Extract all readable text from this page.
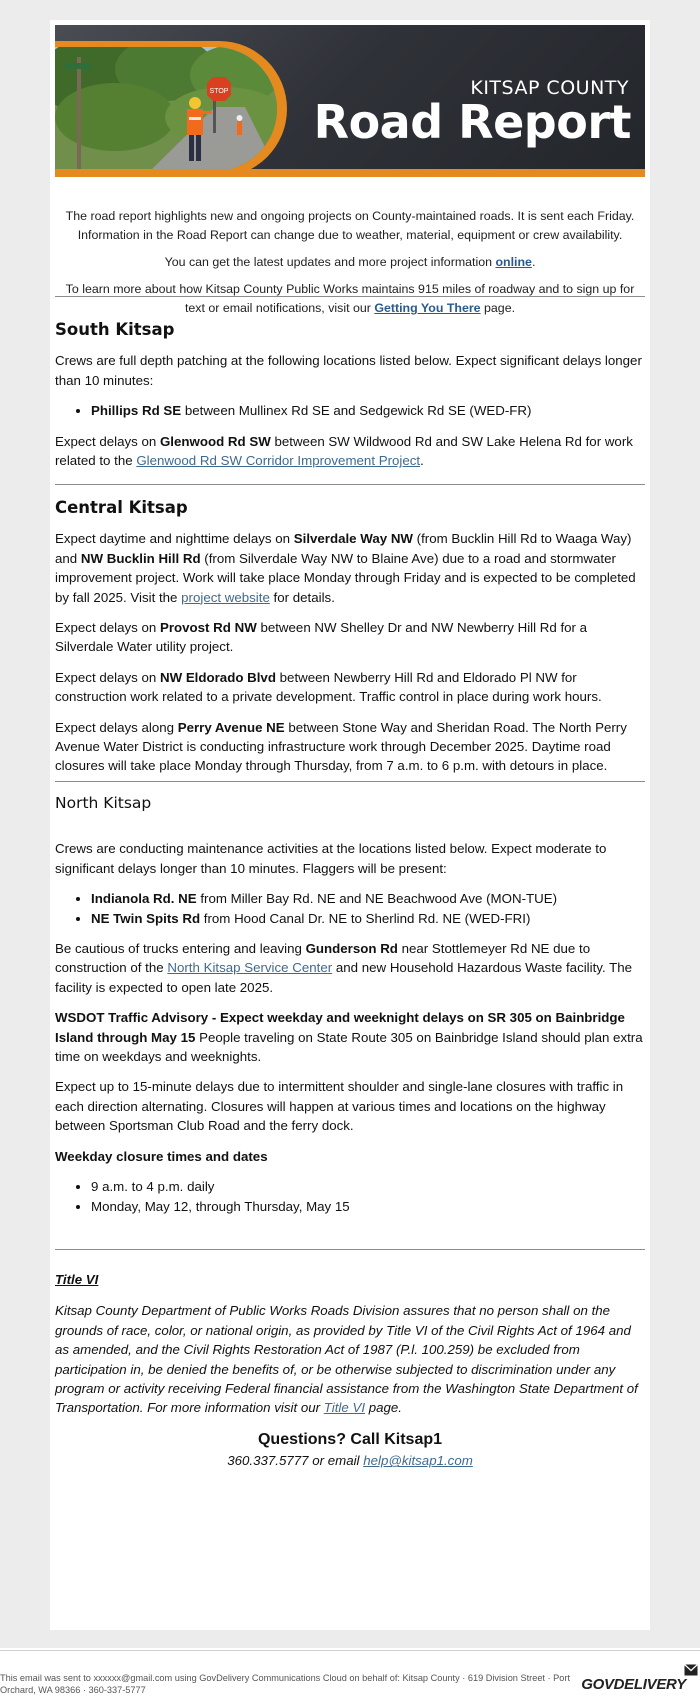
STOP	KITSAP COUNTY
Road Report

The road report highlights new and ongoing projects on County-maintained roads. It is sent each Friday. Information in the Road Report can change due to weather, material, equipment or crew availability.

You can get the latest updates and more project information online.

To learn more about how Kitsap County Public Works maintains 915 miles of roadway and to sign up for text or email notifications, visit our Getting You There page.

South Kitsap

Crews are full depth patching at the following locations listed below. Expect significant delays longer than 10 minutes:

• Phillips Rd SE between Mullinex Rd SE and Sedgewick Rd SE (WED-FR)

Expect delays on Glenwood Rd SW between SW Wildwood Rd and SW Lake Helena Rd for work related to the Glenwood Rd SW Corridor Improvement Project.

Central Kitsap

Expect daytime and nighttime delays on Silverdale Way NW (from Bucklin Hill Rd to Waaga Way) and NW Bucklin Hill Rd (from Silverdale Way NW to Blaine Ave) due to a road and stormwater improvement project. Work will take place Monday through Friday and is expected to be completed by fall 2025. Visit the project website for details.

Expect delays on Provost Rd NW between NW Shelley Dr and NW Newberry Hill Rd for a Silverdale Water utility project.

Expect delays on NW Eldorado Blvd between Newberry Hill Rd and Eldorado Pl NW for construction work related to a private development. Traffic control in place during work hours.

Expect delays along Perry Avenue NE between Stone Way and Sheridan Road. The North Perry Avenue Water District is conducting infrastructure work through December 2025. Daytime road closures will take place Monday through Thursday, from 7 a.m. to 6 p.m. with detours in place.

North Kitsap

Crews are conducting maintenance activities at the locations listed below. Expect moderate to significant delays longer than 10 minutes. Flaggers will be present:

• Indianola Rd. NE from Miller Bay Rd. NE and NE Beachwood Ave (MON-TUE)
• NE Twin Spits Rd from Hood Canal Dr. NE to Sherlind Rd. NE (WED-FRI)

Be cautious of trucks entering and leaving Gunderson Rd near Stottlemeyer Rd NE due to construction of the North Kitsap Service Center and new Household Hazardous Waste facility. The facility is expected to open late 2025.

WSDOT Traffic Advisory - Expect weekday and weeknight delays on SR 305 on Bainbridge Island through May 15 People traveling on State Route 305 on Bainbridge Island should plan extra time on weekdays and weeknights.

Expect up to 15-minute delays due to intermittent shoulder and single-lane closures with traffic in each direction alternating. Closures will happen at various times and locations on the highway between Sportsman Club Road and the ferry dock.

Weekday closure times and dates

• 9 a.m. to 4 p.m. daily
• Monday, May 12, through Thursday, May 15

Title VI

Kitsap County Department of Public Works Roads Division assures that no person shall on the grounds of race, color, or national origin, as provided by Title VI of the Civil Rights Act of 1964 and as amended, and the Civil Rights Restoration Act of 1987 (P.l. 100.259) be excluded from participation in, be denied the benefits of, or be otherwise subjected to discrimination under any program or activity receiving Federal financial assistance from the Washington State Department of Transportation. For more information visit our Title VI page.

Questions? Call Kitsap1

360.337.5777 or email help@kitsap1.com

This email was sent to xxxxxx@gmail.com using GovDelivery Communications Cloud on behalf of: Kitsap County · 619 Division Street · Port Orchard, WA 98366 · 360-337-5777	GOVDELIVERY
